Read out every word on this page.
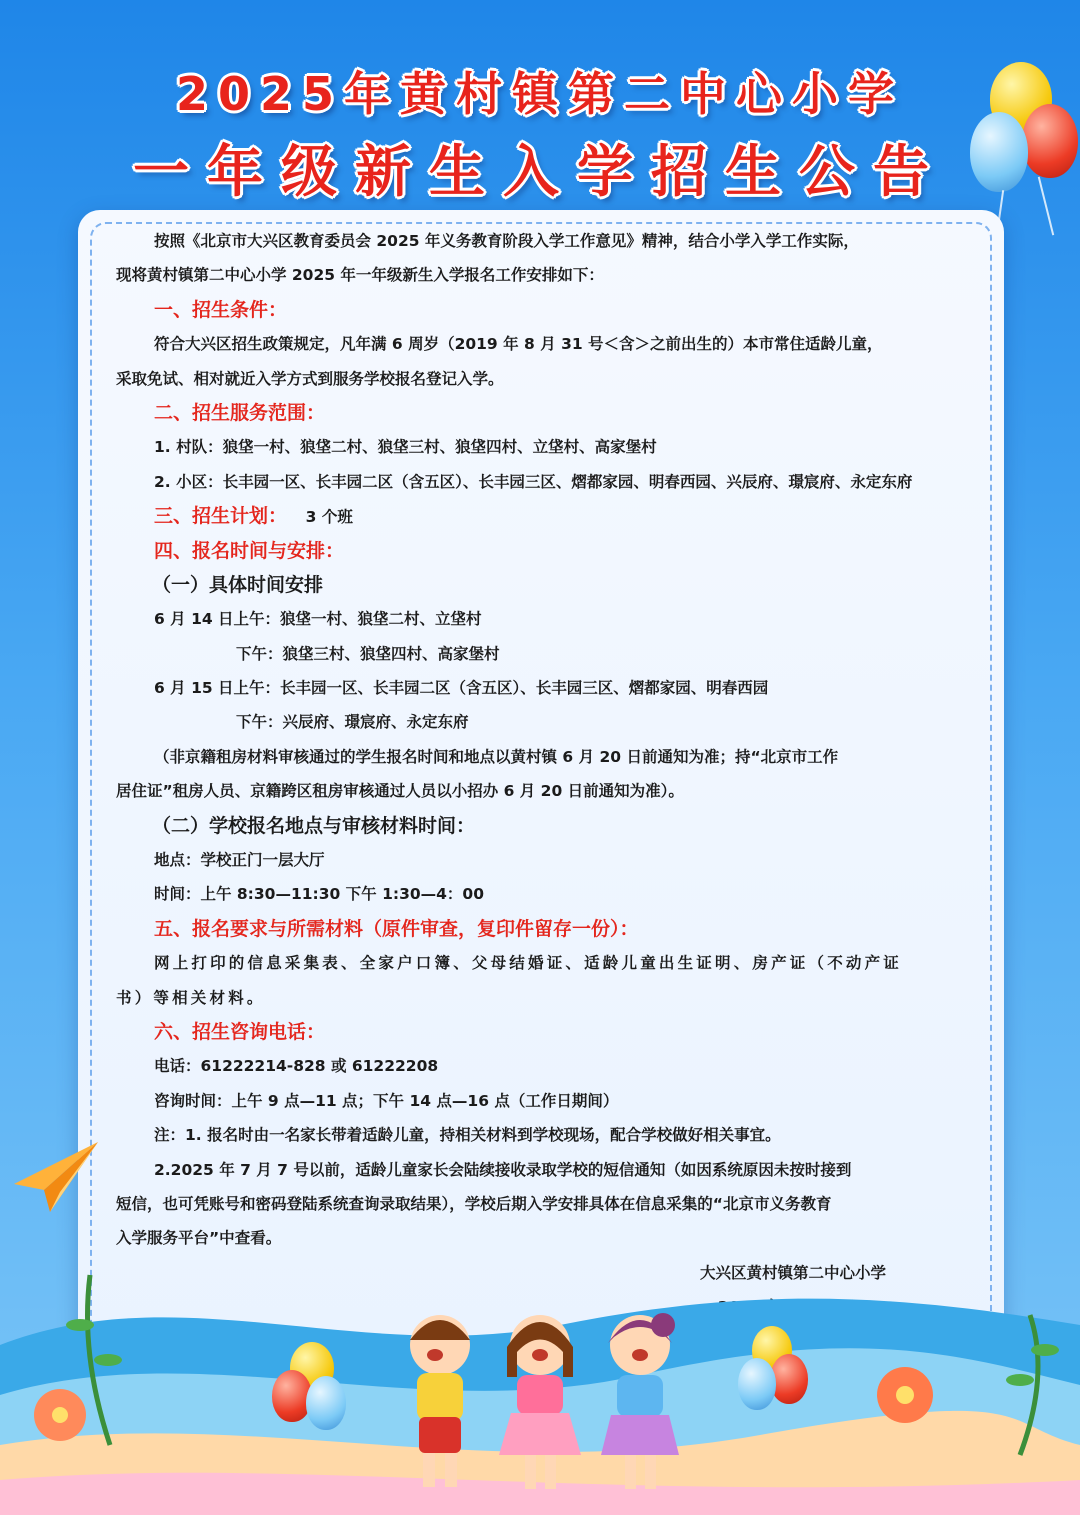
2025年黄村镇第二中心小学
一年级新生入学招生公告
按照《北京市大兴区教育委员会 2025 年义务教育阶段入学工作意见》精神，结合小学入学工作实际，
现将黄村镇第二中心小学 2025 年一年级新生入学报名工作安排如下：
一、招生条件：
符合大兴区招生政策规定，凡年满 6 周岁（2019 年 8 月 31 号＜含＞之前出生的）本市常住适龄儿童，
采取免试、相对就近入学方式到服务学校报名登记入学。
二、招生服务范围：
1. 村队：狼垡一村、狼垡二村、狼垡三村、狼垡四村、立垡村、高家堡村
2. 小区：长丰园一区、长丰园二区（含五区）、长丰园三区、熠都家园、明春西园、兴辰府、璟宸府、永定东府
三、招生计划： 3 个班
四、报名时间与安排：
（一）具体时间安排
6 月 14 日上午：狼垡一村、狼垡二村、立垡村
下午：狼垡三村、狼垡四村、高家堡村
6 月 15 日上午：长丰园一区、长丰园二区（含五区）、长丰园三区、熠都家园、明春西园
下午：兴辰府、璟宸府、永定东府
（非京籍租房材料审核通过的学生报名时间和地点以黄村镇 6 月 20 日前通知为准；持“北京市工作
居住证”租房人员、京籍跨区租房审核通过人员以小招办 6 月 20 日前通知为准）。
（二）学校报名地点与审核材料时间：
地点：学校正门一层大厅
时间：上午 8:30—11:30 下午 1:30—4：00
五、报名要求与所需材料（原件审查，复印件留存一份）：
网上打印的信息采集表、全家户口簿、父母结婚证、适龄儿童出生证明、房产证（不动产证
书）等相关材料。
六、招生咨询电话：
电话：61222214-828 或 61222208
咨询时间：上午 9 点—11 点；下午 14 点—16 点（工作日期间）
注：1. 报名时由一名家长带着适龄儿童，持相关材料到学校现场，配合学校做好相关事宜。
2.2025 年 7 月 7 号以前，适龄儿童家长会陆续接收录取学校的短信通知（如因系统原因未按时接到
短信，也可凭账号和密码登陆系统查询录取结果），学校后期入学安排具体在信息采集的“北京市义务教育
入学服务平台”中查看。
大兴区黄村镇第二中心小学
